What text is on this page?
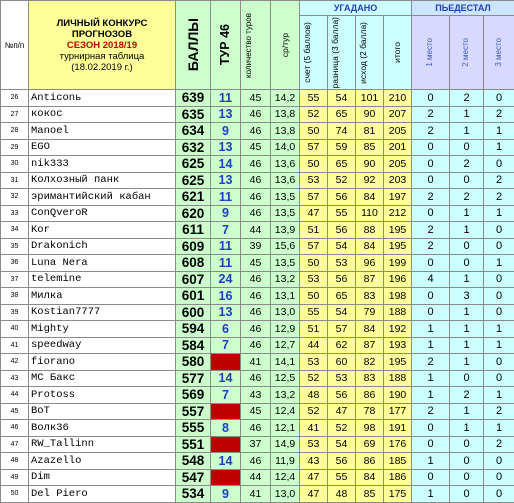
№п/п	ЛИЧНЫЙ КОНКУРС
ПРОГНОЗОВ
СЕЗОН 2018/19
турнирная таблица
(18.02.2019 г.)	БАЛЛЫ	ТУР 46	количество туров	ср/тур	УГАДАНО				ПЬЕДЕСТАЛ		

						счет (5 баллов)	разница (3 балла)	исход (2 балла)	итого	1 место	2 место	3 место

26	Anticonь	639	11	45	14,2	55	54	101	210	0	2	0
27	кокос	635	13	46	13,8	52	65	90	207	2	1	2
28	Manoel	634	9	46	13,8	50	74	81	205	2	1	1
29	EGO	632	13	45	14,0	57	59	85	201	0	0	1
30	nik333	625	14	46	13,6	50	65	90	205	0	2	0
31	Колхозный панк	625	13	46	13,6	53	52	92	203	0	0	2
32	эримантийский кабан	621	11	46	13,5	57	56	84	197	2	2	2
33	ConQveroR	620	9	46	13,5	47	55	110	212	0	1	1
34	Kor	611	7	44	13,9	51	56	88	195	2	1	0
35	Drakonich	609	11	39	15,6	57	54	84	195	2	0	0
36	Luna Nera	608	11	45	13,5	50	53	96	199	0	0	1
37	telemine	607	24	46	13,2	53	56	87	196	4	1	0
38	Милка	601	16	46	13,1	50	65	83	198	0	3	0
39	Kostian7777	600	13	46	13,0	55	54	79	188	0	1	0
40	Mighty	594	6	46	12,9	51	57	84	192	1	1	1
41	speedway	584	7	46	12,7	44	62	87	193	1	1	1
42	fiorano	580		41	14,1	53	60	82	195	2	1	0
43	MC Бакс	577	14	46	12,5	52	53	83	188	1	0	0
44	Protoss	569	7	43	13,2	48	56	86	190	1	2	1
45	BoT	557		45	12,4	52	47	78	177	2	1	2
46	Волк36	555	8	46	12,1	41	52	98	191	0	1	1
47	RW_Tallinn	551		37	14,9	53	54	69	176	0	0	2
48	Azazello	548	14	46	11,9	43	56	86	185	1	0	0
49	Dim	547		44	12,4	47	55	84	186	0	0	0
50	Del Piero	534	9	41	13,0	47	48	85	175	1	0	0
